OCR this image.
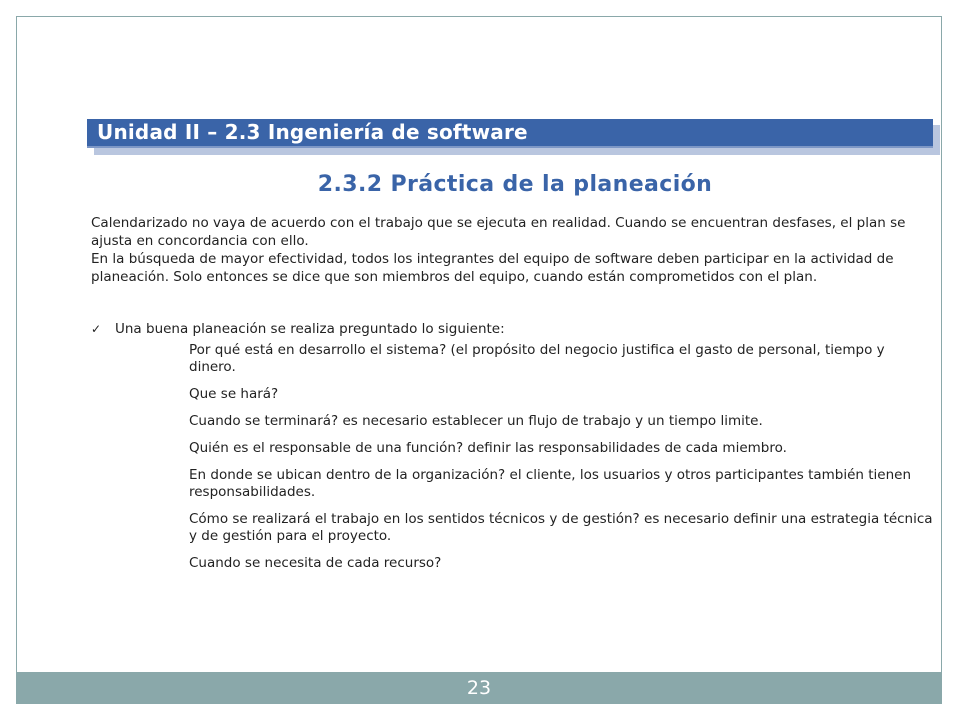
Unidad II – 2.3 Ingeniería de software
2.3.2 Práctica de la planeación

Calendarizado no vaya de acuerdo con el trabajo que se ejecuta en realidad. Cuando se encuentran desfases, el plan se ajusta en concordancia con ello.

En la búsqueda de mayor efectividad, todos los integrantes del equipo de software deben participar en la actividad de planeación. Solo entonces se dice que son miembros del equipo, cuando están comprometidos con el plan.

✓ Una buena planeación se realiza preguntado lo siguiente:

Por qué está en desarrollo el sistema? (el propósito del negocio justifica el gasto de personal, tiempo y dinero.

Que se hará?

Cuando se terminará? es necesario establecer un flujo de trabajo y un tiempo limite.

Quién es el responsable de una función? definir las responsabilidades de cada miembro.

En donde se ubican dentro de la organización? el cliente, los usuarios y otros participantes también tienen responsabilidades.

Cómo se realizará el trabajo en los sentidos técnicos y de gestión? es necesario definir una estrategia técnica y de gestión para el proyecto.

Cuando se necesita de cada recurso?

23
